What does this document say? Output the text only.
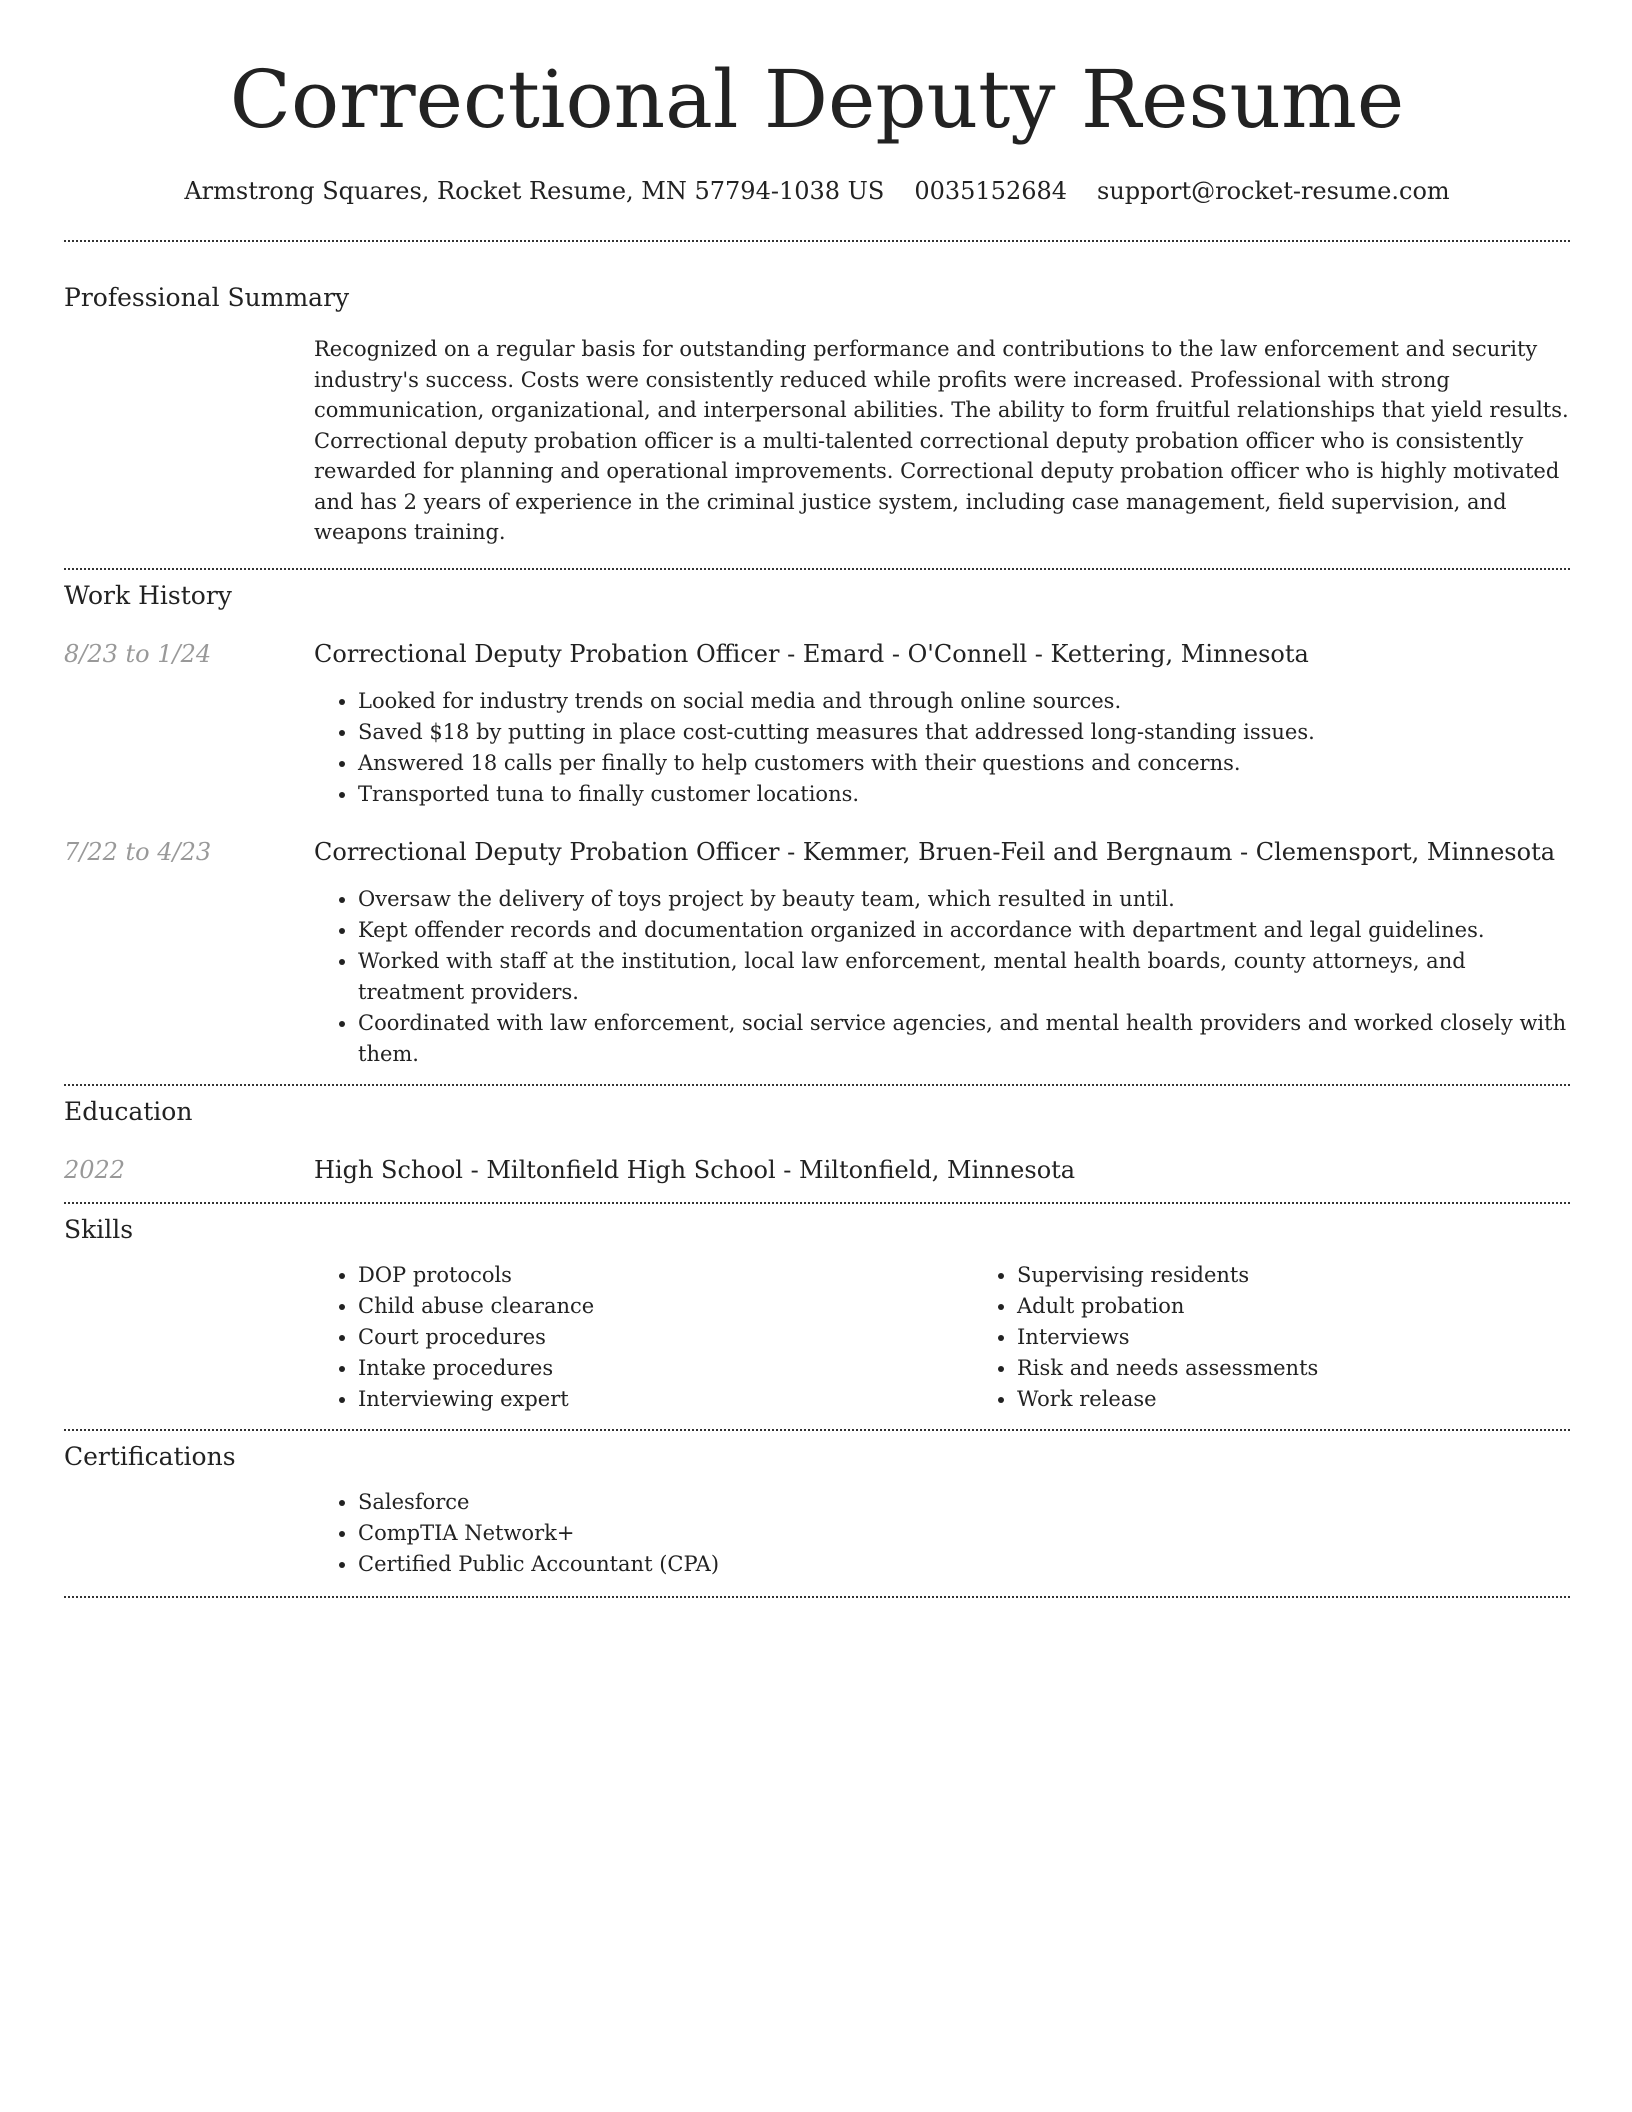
Correctional Deputy Resume
Armstrong Squares, Rocket Resume, MN 57794-1038 US 0035152684 support@rocket-resume.com
Professional Summary

Recognized on a regular basis for outstanding performance and contributions to the law enforcement and security industry's success. Costs were consistently reduced while profits were increased. Professional with strong communication, organizational, and interpersonal abilities. The ability to form fruitful relationships that yield results. Correctional deputy probation officer is a multi-talented correctional deputy probation officer who is consistently rewarded for planning and operational improvements. Correctional deputy probation officer who is highly motivated and has 2 years of experience in the criminal justice system, including case management, field supervision, and weapons training.

Work History
8/23 to 1/24	Correctional Deputy Probation Officer - Emard - O'Connell - Kettering, Minnesota
• Looked for industry trends on social media and through online sources.
• Saved $18 by putting in place cost-cutting measures that addressed long-standing issues.
• Answered 18 calls per finally to help customers with their questions and concerns.
• Transported tuna to finally customer locations.
7/22 to 4/23	Correctional Deputy Probation Officer - Kemmer, Bruen-Feil and Bergnaum - Clemensport, Minnesota
• Oversaw the delivery of toys project by beauty team, which resulted in until.
• Kept offender records and documentation organized in accordance with department and legal guidelines.
• Worked with staff at the institution, local law enforcement, mental health boards, county attorneys, and treatment providers.
• Coordinated with law enforcement, social service agencies, and mental health providers and worked closely with them.
Education
2022	High School - Miltonfield High School - Miltonfield, Minnesota
Skills
• DOP protocols
• Child abuse clearance
• Court procedures
• Intake procedures
• Interviewing expert
• Supervising residents
• Adult probation
• Interviews
• Risk and needs assessments
• Work release
Certifications
• Salesforce
• CompTIA Network+
• Certified Public Accountant (CPA)
